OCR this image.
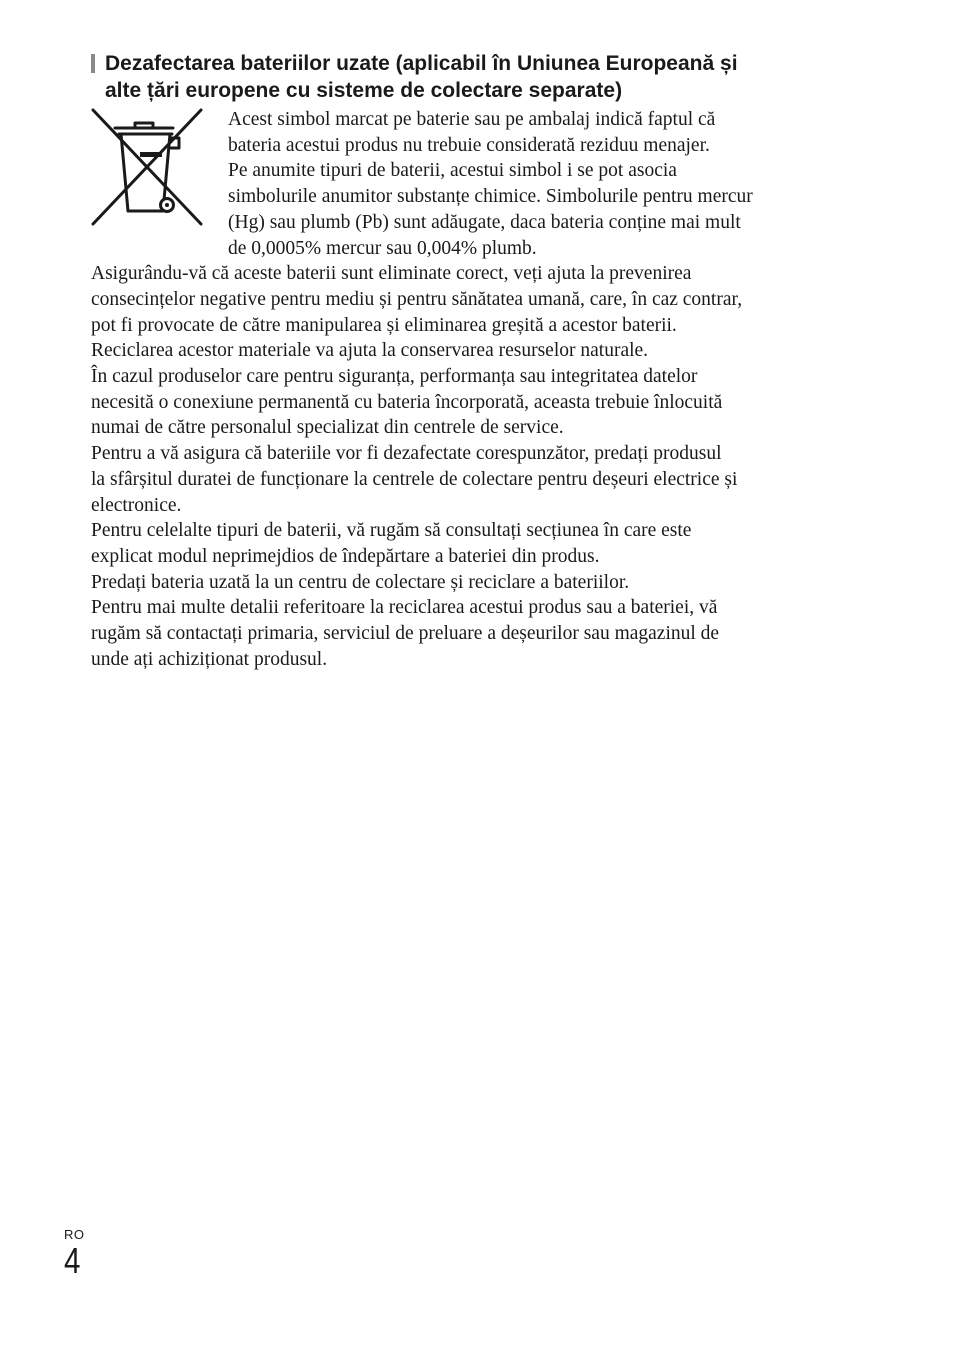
Dezafectarea bateriilor uzate (aplicabil în Uniunea Europeană și
alte țări europene cu sisteme de colectare separate)

Acest simbol marcat pe baterie sau pe ambalaj indică faptul că
bateria acestui produs nu trebuie considerată reziduu menajer.
Pe anumite tipuri de baterii, acestui simbol i se pot asocia
simbolurile anumitor substanțe chimice. Simbolurile pentru mercur
(Hg) sau plumb (Pb) sunt adăugate, daca bateria conține mai mult
de 0,0005% mercur sau 0,004% plumb.

Asigurându-vă că aceste baterii sunt eliminate corect, veți ajuta la prevenirea
consecințelor negative pentru mediu și pentru sănătatea umană, care, în caz contrar,
pot fi provocate de către manipularea și eliminarea greșită a acestor baterii.
Reciclarea acestor materiale va ajuta la conservarea resurselor naturale.
În cazul produselor care pentru siguranța, performanța sau integritatea datelor
necesită o conexiune permanentă cu bateria încorporată, aceasta trebuie înlocuită
numai de către personalul specializat din centrele de service.
Pentru a vă asigura că bateriile vor fi dezafectate corespunzător, predați produsul
la sfârșitul duratei de funcționare la centrele de colectare pentru deșeuri electrice și
electronice.
Pentru celelalte tipuri de baterii, vă rugăm să consultați secțiunea în care este
explicat modul neprimejdios de îndepărtare a bateriei din produs.
Predați bateria uzată la un centru de colectare și reciclare a bateriilor.
Pentru mai multe detalii referitoare la reciclarea acestui produs sau a bateriei, vă
rugăm să contactați primaria, serviciul de preluare a deșeurilor sau magazinul de
unde ați achiziționat produsul.

RO
4
